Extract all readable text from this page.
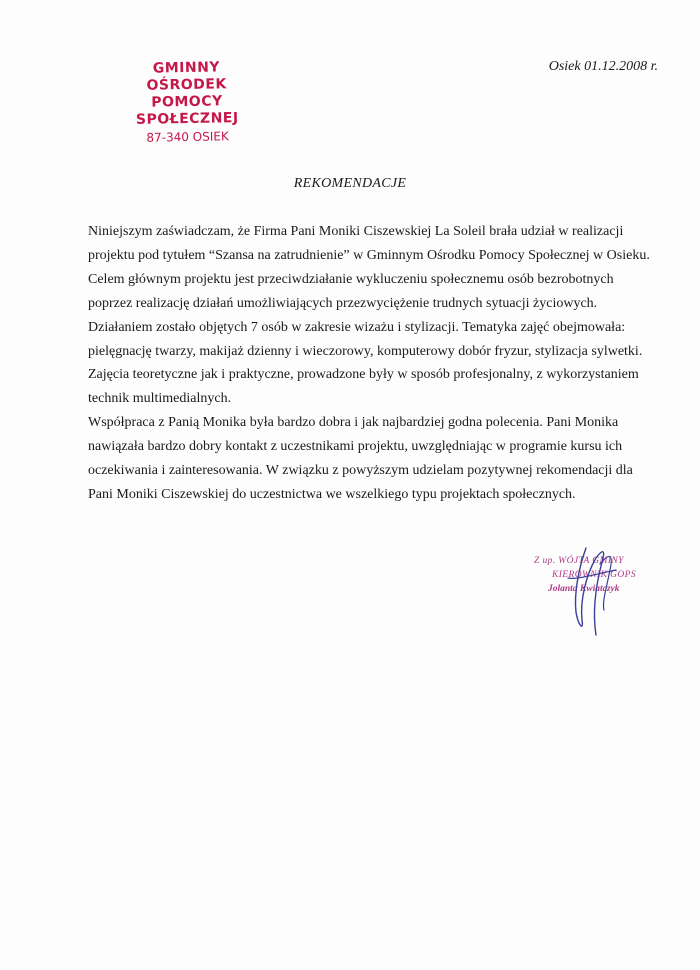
GMINNY OŚRODEK
POMOCY SPOŁECZNEJ
87-340 OSIEK
Osiek 01.12.2008 r.
REKOMENDACJE
Niniejszym zaświadczam, że Firma Pani Moniki Ciszewskiej La Soleil brała udział w realizacji
projektu pod tytułem “Szansa na zatrudnienie” w Gminnym Ośrodku Pomocy Społecznej w Osieku.
Celem głównym projektu jest przeciwdziałanie wykluczeniu społecznemu osób bezrobotnych
poprzez realizację działań umożliwiających przezwyciężenie trudnych sytuacji życiowych.
Działaniem zostało objętych 7 osób w zakresie wizażu i stylizacji. Tematyka zajęć obejmowała:
pielęgnację twarzy, makijaż dzienny i wieczorowy, komputerowy dobór fryzur, stylizacja sylwetki.
Zajęcia teoretyczne jak i praktyczne, prowadzone były w sposób profesjonalny, z wykorzystaniem
technik multimedialnych.
Współpraca z Panią Monika była bardzo dobra i jak najbardziej godna polecenia. Pani Monika
nawiązała bardzo dobry kontakt z uczestnikami projektu, uwzględniając w programie kursu ich
oczekiwania i zainteresowania. W związku z powyższym udzielam pozytywnej rekomendacji dla
Pani Moniki Ciszewskiej do uczestnictwa we wszelkiego typu projektach społecznych.
Z up. WÓJTA GMINY
KIEROWNIK GOPS
Jolanta Kwiatczyk
